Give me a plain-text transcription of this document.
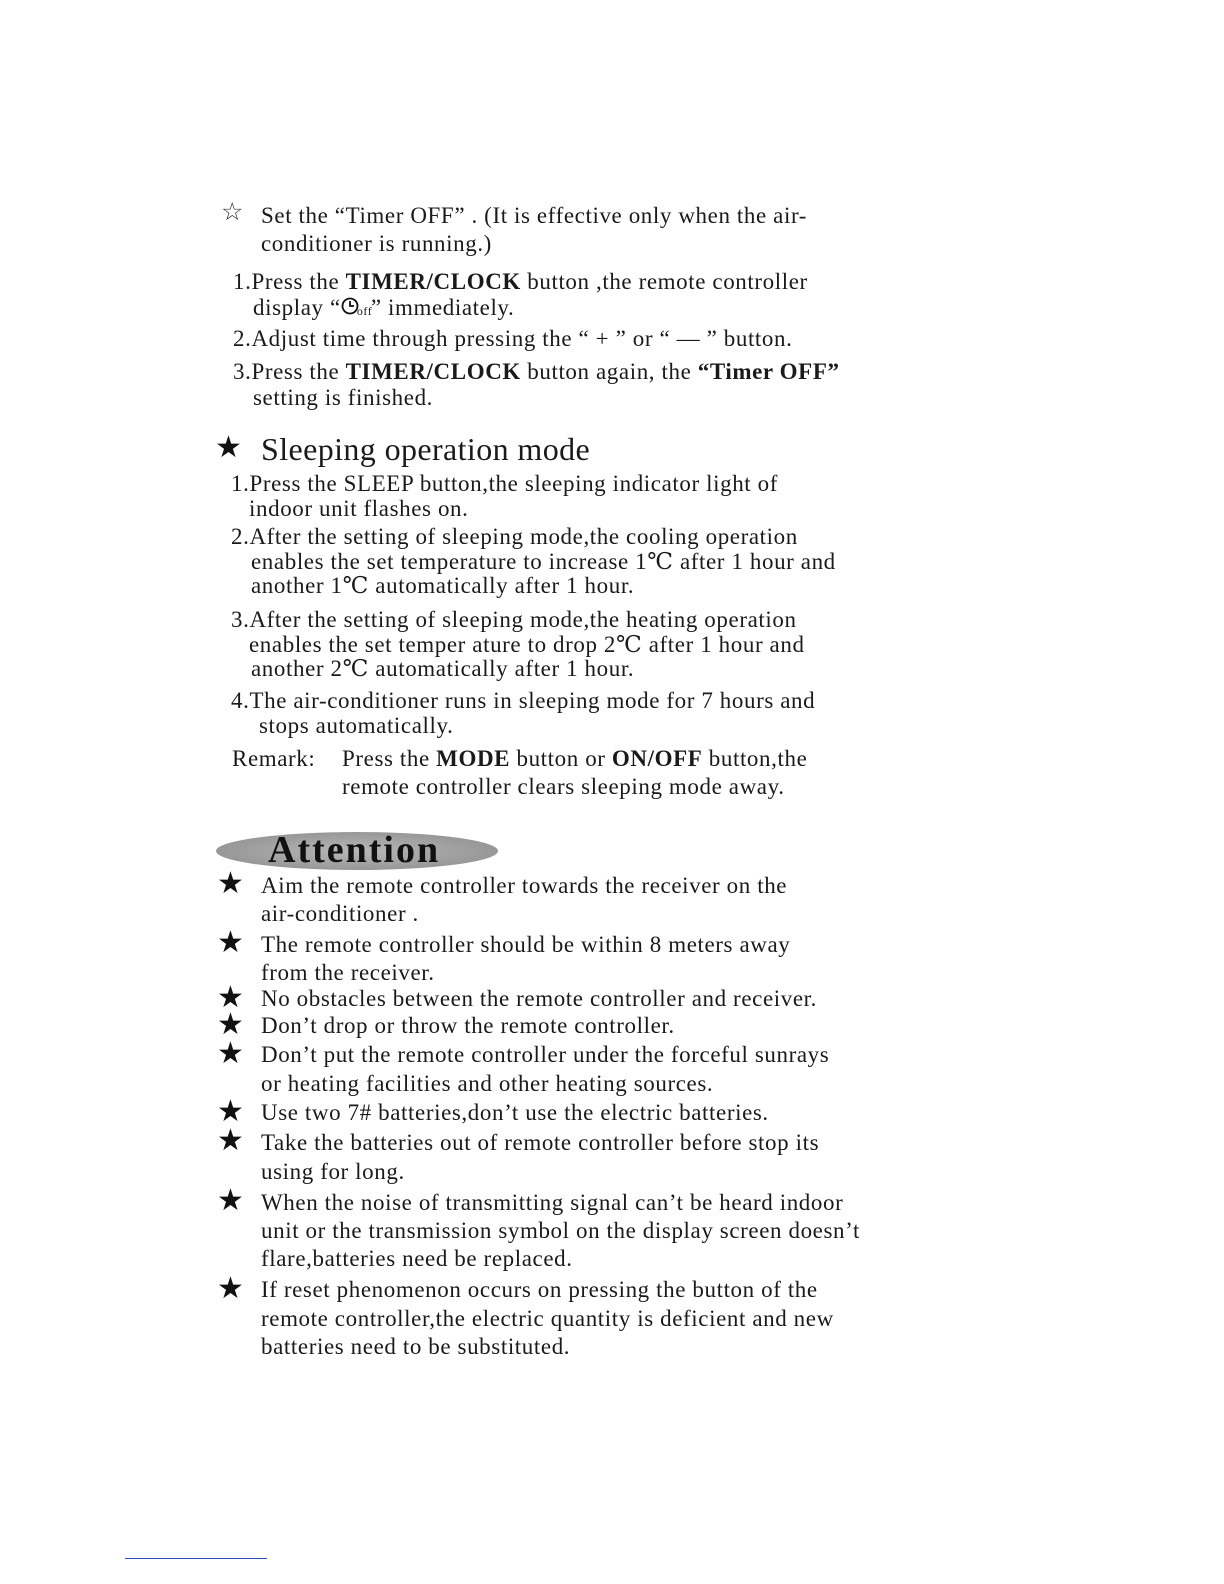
☆ Set the “Timer OFF” . (It is effective only when the air-
conditioner is running.)
1.Press the TIMER/CLOCK button ,the remote controller
display “ off
” immediately.
2.Adjust time through pressing the “ + ” or “ — ” button.
3.Press the TIMER/CLOCK button again, the “Timer OFF”
setting is finished.
★ Sleeping operation mode
1.Press the SLEEP button,the sleeping indicator light of
indoor unit flashes on.
2.After the setting of sleeping mode,the cooling operation
enables the set temperature to increase 1℃ after 1 hour and
another 1℃ automatically after 1 hour.
3.After the setting of sleeping mode,the heating operation
enables the set temper ature to drop 2℃ after 1 hour and
another 2℃ automatically after 1 hour.
4.The air-conditioner runs in sleeping mode for 7 hours and
stops automatically.
Remark: Press the MODE button or ON/OFF button,the
remote controller clears sleeping mode away.
Attention
★ Aim the remote controller towards the receiver on the
air-conditioner .
★ The remote controller should be within 8 meters away
from the receiver.
★ No obstacles between the remote controller and receiver.
★ Don’t drop or throw the remote controller.
★ Don’t put the remote controller under the forceful sunrays
or heating facilities and other heating sources.
★ Use two 7# batteries,don’t use the electric batteries.
★ Take the batteries out of remote controller before stop its
using for long.
★ When the noise of transmitting signal can’t be heard indoor
unit or the transmission symbol on the display screen doesn’t
flare,batteries need be replaced.
★ If reset phenomenon occurs on pressing the button of the
remote controller,the electric quantity is deficient and new
batteries need to be substituted.
